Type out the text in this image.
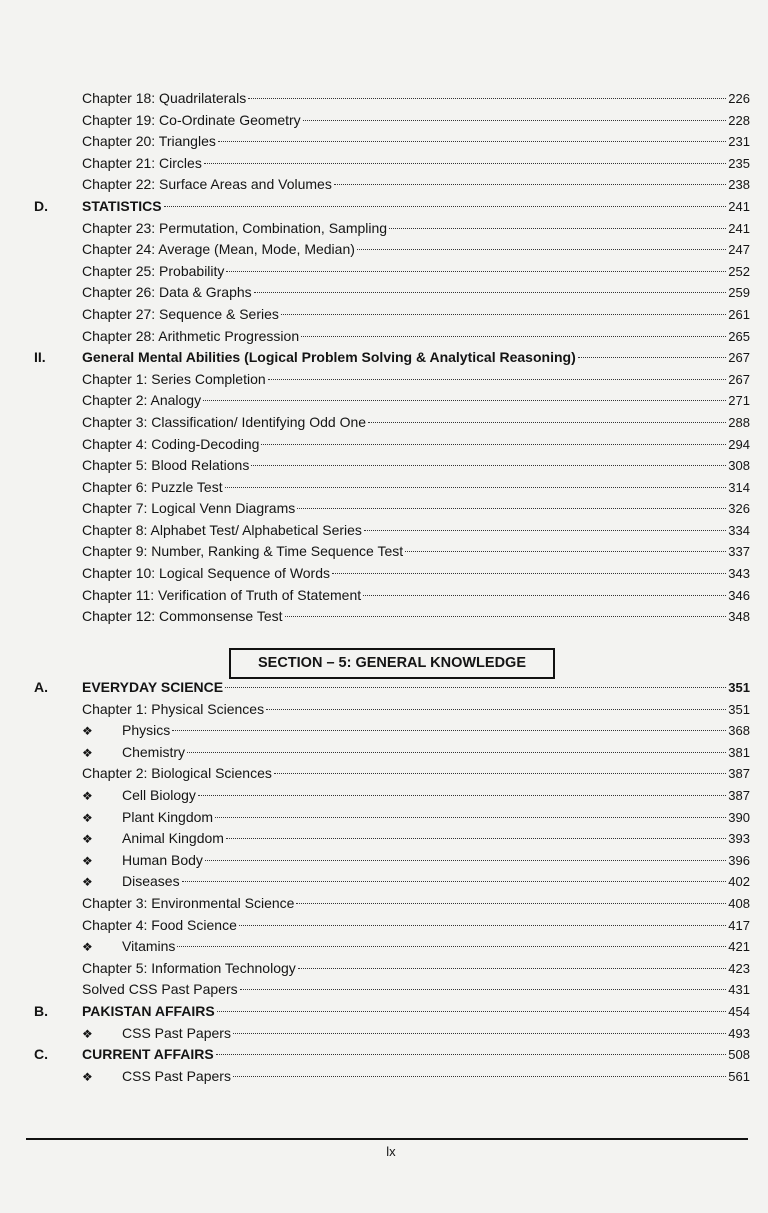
Chapter 18: Quadrilaterals	226
Chapter 19: Co-Ordinate Geometry	228
Chapter 20: Triangles	231
Chapter 21: Circles	235
Chapter 22: Surface Areas and Volumes	238
D.	STATISTICS	241
Chapter 23: Permutation, Combination, Sampling	241
Chapter 24: Average (Mean, Mode, Median)	247
Chapter 25: Probability	252
Chapter 26: Data & Graphs	259
Chapter 27: Sequence & Series	261
Chapter 28: Arithmetic Progression	265
II.	General Mental Abilities (Logical Problem Solving & Analytical Reasoning)	267
Chapter 1: Series Completion	267
Chapter 2: Analogy	271
Chapter 3: Classification/ Identifying Odd One	288
Chapter 4: Coding-Decoding	294
Chapter 5: Blood Relations	308
Chapter 6: Puzzle Test	314
Chapter 7: Logical Venn Diagrams	326
Chapter 8: Alphabet Test/ Alphabetical Series	334
Chapter 9: Number, Ranking & Time Sequence Test	337
Chapter 10: Logical Sequence of Words	343
Chapter 11: Verification of Truth of Statement	346
Chapter 12: Commonsense Test	348
SECTION – 5: GENERAL KNOWLEDGE
A.	EVERYDAY SCIENCE	351
Chapter 1: Physical Sciences	351
❖	Physics	368
❖	Chemistry	381
Chapter 2: Biological Sciences	387
❖	Cell Biology	387
❖	Plant Kingdom	390
❖	Animal Kingdom	393
❖	Human Body	396
❖	Diseases	402
Chapter 3: Environmental Science	408
Chapter 4: Food Science	417
❖	Vitamins	421
Chapter 5: Information Technology	423
Solved CSS Past Papers	431
B.	PAKISTAN AFFAIRS	454
❖	CSS Past Papers	493
C.	CURRENT AFFAIRS	508
❖	CSS Past Papers	561
lx
